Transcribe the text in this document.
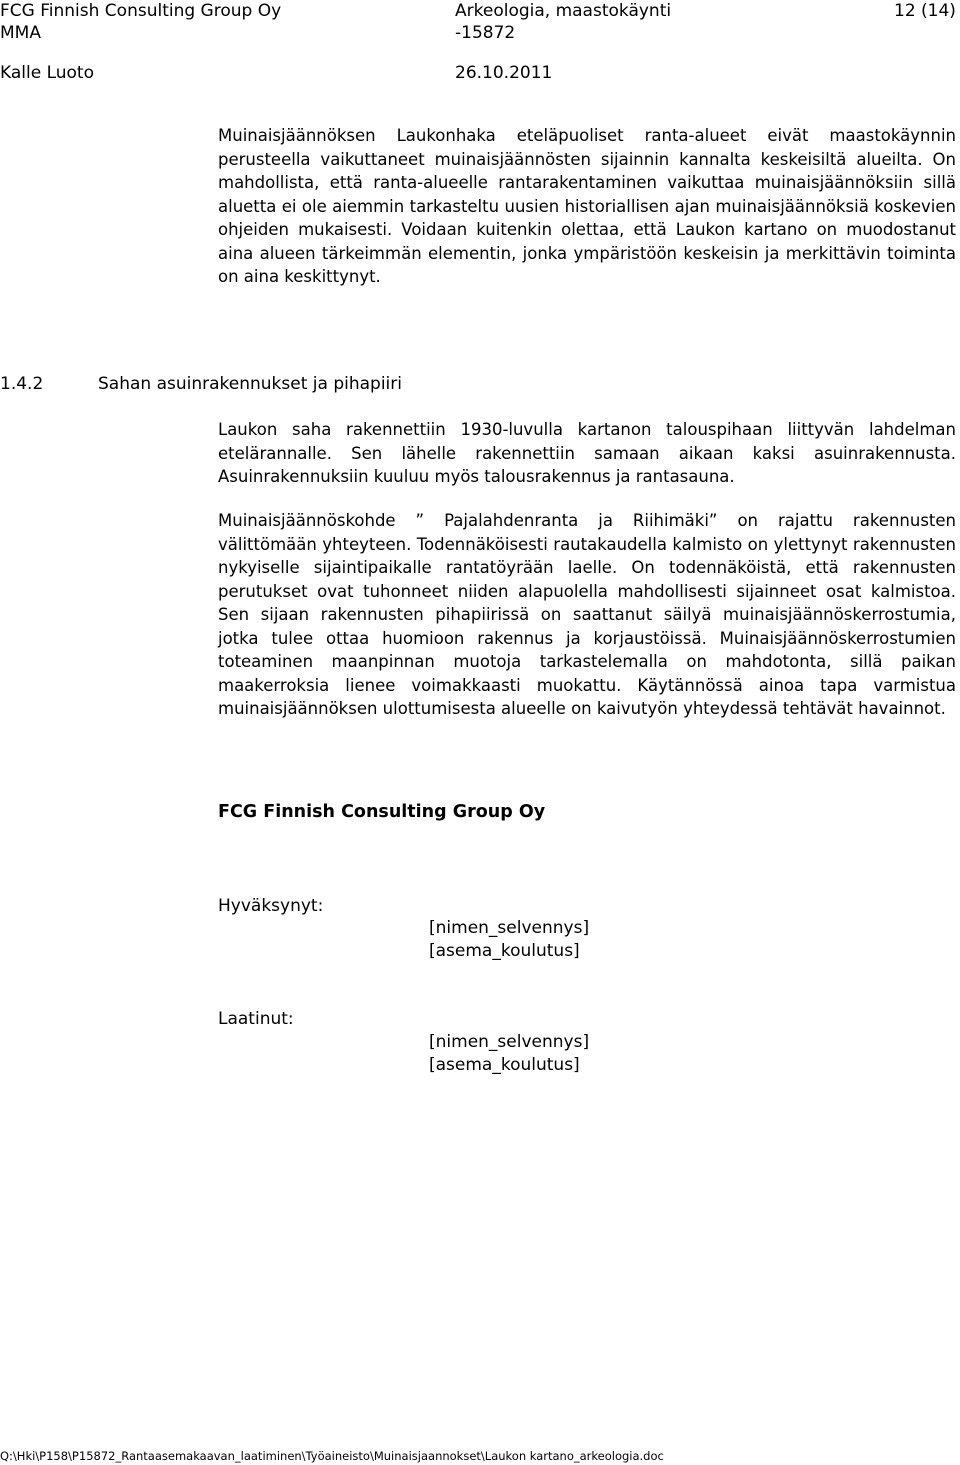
FCG Finnish Consulting Group Oy
MMA
Kalle Luoto
Arkeologia, maastokäynti
-15872
26.10.2011
12 (14)
Muinaisjäännöksen Laukonhaka eteläpuoliset ranta-alueet eivät maastokäynnin perusteella vaikuttaneet muinaisjäännösten sijainnin kannalta keskeisiltä alueilta. On mahdollista, että ranta-alueelle rantarakentaminen vaikuttaa muinaisjäännöksiin sillä aluetta ei ole aiemmin tarkasteltu uusien historiallisen ajan muinaisjäännöksiä koskevien ohjeiden mukaisesti. Voidaan kuitenkin olettaa, että Laukon kartano on muodostanut aina alueen tärkeimmän elementin, jonka ympäristöön keskeisin ja merkittävin toiminta on aina keskittynyt.
1.4.2	Sahan asuinrakennukset ja pihapiiri
Laukon saha rakennettiin 1930-luvulla kartanon talouspihaan liittyvän lahdelman etelärannalle. Sen lähelle rakennettiin samaan aikaan kaksi asuinrakennusta. Asuinrakennuksiin kuuluu myös talousrakennus ja rantasauna.
Muinaisjäännöskohde ” Pajalahdenranta ja Riihimäki” on rajattu rakennusten välittömään yhteyteen. Todennäköisesti rautakaudella kalmisto on ylettynyt rakennusten nykyiselle sijaintipaikalle rantatöyrään laelle. On todennäköistä, että rakennusten perutukset ovat tuhonneet niiden alapuolella mahdollisesti sijainneet osat kalmistoa. Sen sijaan rakennusten pihapiirissä on saattanut säilyä muinaisjäännöskerrostumia, jotka tulee ottaa huomioon rakennus ja korjaustöissä. Muinaisjäännöskerrostumien toteaminen maanpinnan muotoja tarkastelemalla on mahdotonta, sillä paikan maakerroksia lienee voimakkaasti muokattu. Käytännössä ainoa tapa varmistua muinaisjäännöksen ulottumisesta alueelle on kaivutyön yhteydessä tehtävät havainnot.
FCG Finnish Consulting Group Oy
Hyväksynyt:
[nimen_selvennys]
[asema_koulutus]
Laatinut:
[nimen_selvennys]
[asema_koulutus]
Q:\Hki\P158\P15872_Rantaasemakaavan_laatiminen\Työaineisto\Muinaisjaannokset\Laukon kartano_arkeologia.doc
